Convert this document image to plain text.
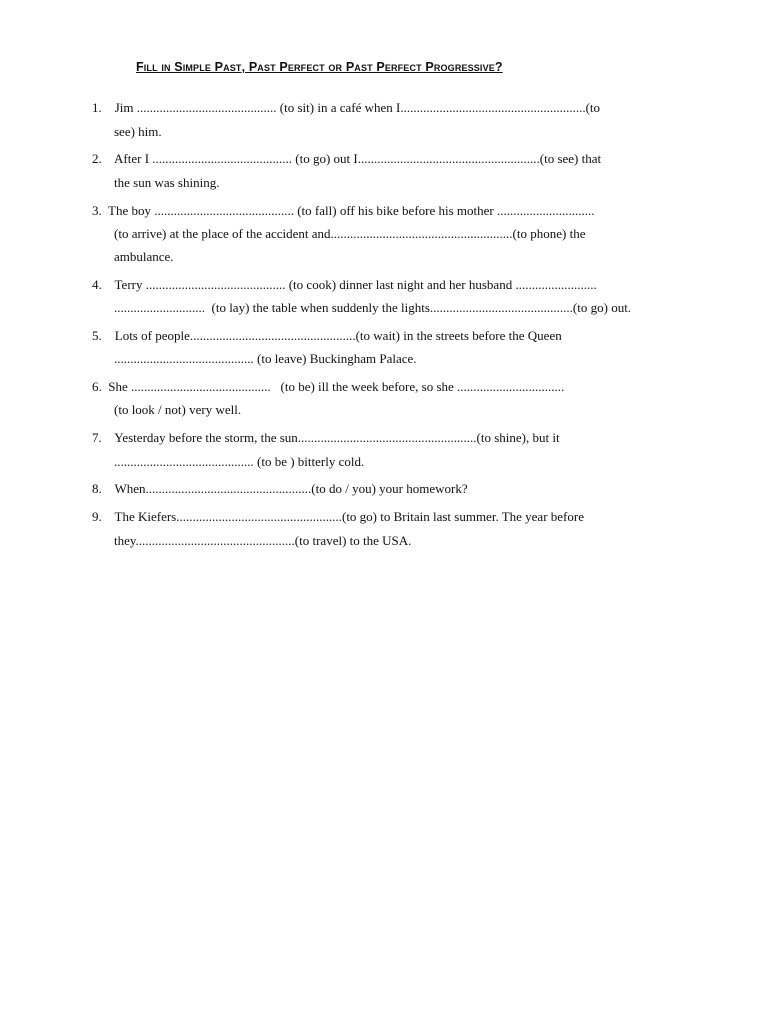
Fill in Simple Past, Past Perfect or Past Perfect Progressive?
1.    Jim ........................................... (to sit) in a café when I.........................................................(to
see) him.
2.    After I ........................................... (to go) out I........................................................(to see) that
the sun was shining.
3.  The boy ........................................... (to fall) off his bike before his mother ..............................
(to arrive) at the place of the accident and........................................................(to phone) the
ambulance.
4.    Terry ........................................... (to cook) dinner last night and her husband .........................
............................  (to lay) the table when suddenly the lights............................................(to go) out.
5.    Lots of people...................................................(to wait) in the streets before the Queen
........................................... (to leave) Buckingham Palace.
6.  She ...........................................   (to be) ill the week before, so she .................................
(to look / not) very well.
7.    Yesterday before the storm, the sun.......................................................(to shine), but it
........................................... (to be ) bitterly cold.
8.    When...................................................(to do / you) your homework?
9.    The Kiefers...................................................(to go) to Britain last summer. The year before
they.................................................(to travel) to the USA.
